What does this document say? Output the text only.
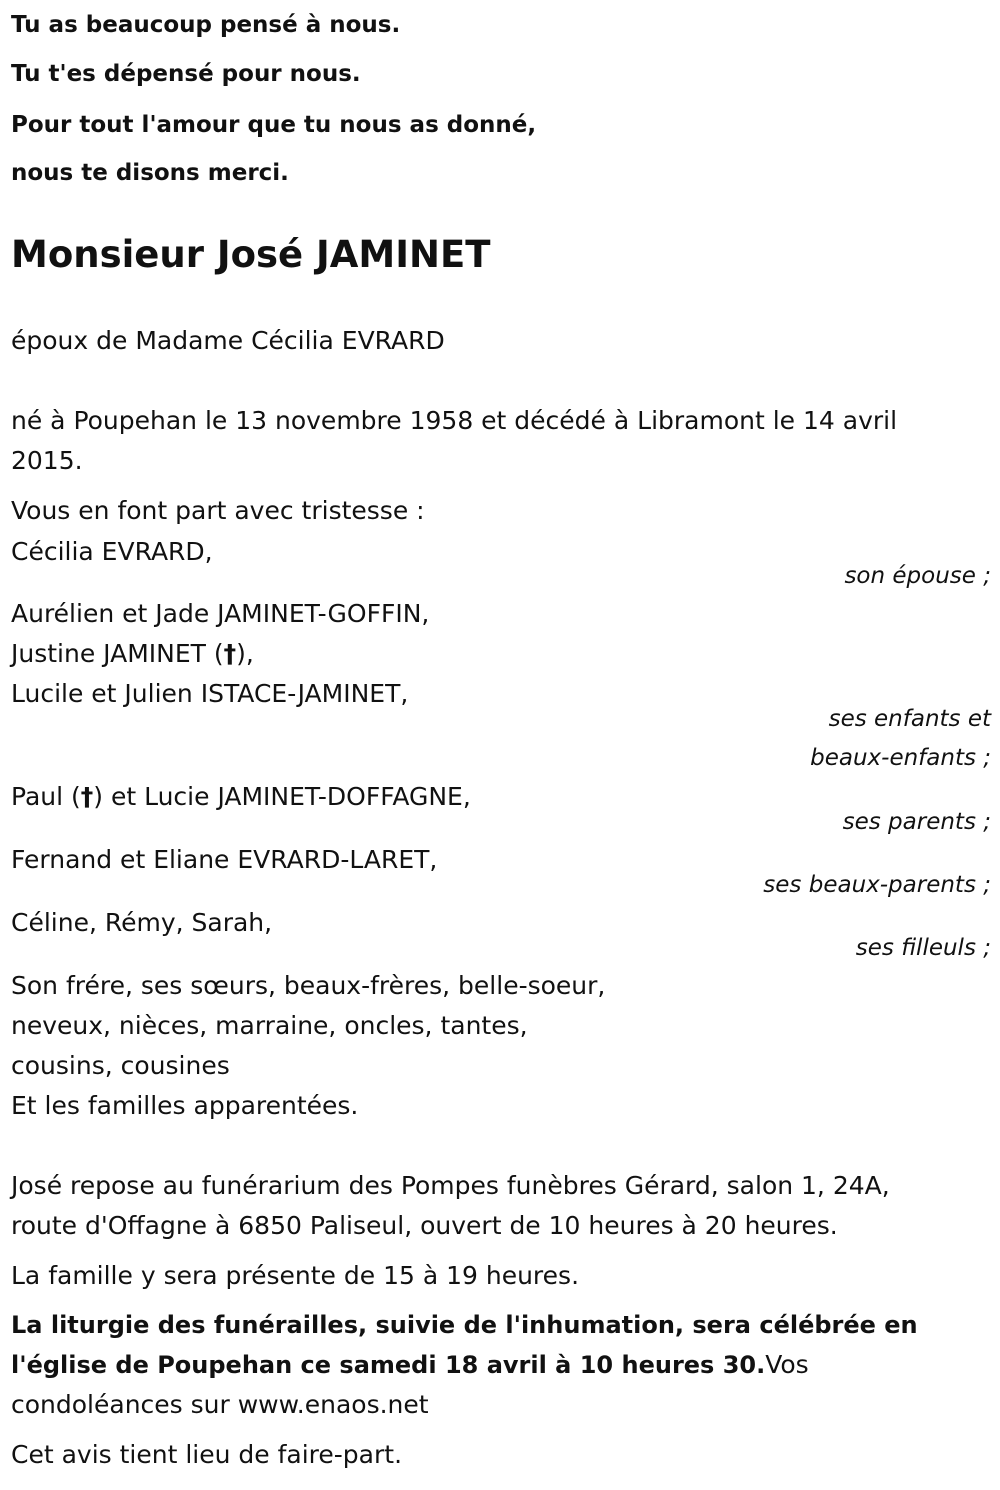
Tu as beaucoup pensé à nous.
Tu t'es dépensé pour nous.
Pour tout l'amour que tu nous as donné,
nous te disons merci.
Monsieur José JAMINET
époux de Madame Cécilia EVRARD
né à Poupehan le 13 novembre 1958 et décédé à Libramont le 14 avril
2015.
Vous en font part avec tristesse :
Cécilia EVRARD,
son épouse ;
Aurélien et Jade JAMINET-GOFFIN,
Justine JAMINET (†),
Lucile et Julien ISTACE-JAMINET,
ses enfants et
beaux-enfants ;
Paul (†) et Lucie JAMINET-DOFFAGNE,
ses parents ;
Fernand et Eliane EVRARD-LARET,
ses beaux-parents ;
Céline, Rémy, Sarah,
ses filleuls ;
Son frére, ses sœurs, beaux-frères, belle-soeur,
neveux, nièces, marraine, oncles, tantes,
cousins, cousines
Et les familles apparentées.
José repose au funérarium des Pompes funèbres Gérard, salon 1, 24A,
route d'Offagne à 6850 Paliseul, ouvert de 10 heures à 20 heures.
La famille y sera présente de 15 à 19 heures.
La liturgie des funérailles, suivie de l'inhumation, sera célébrée en
l'église de Poupehan ce samedi 18 avril à 10 heures 30.Vos
condoléances sur www.enaos.net
Cet avis tient lieu de faire-part.
